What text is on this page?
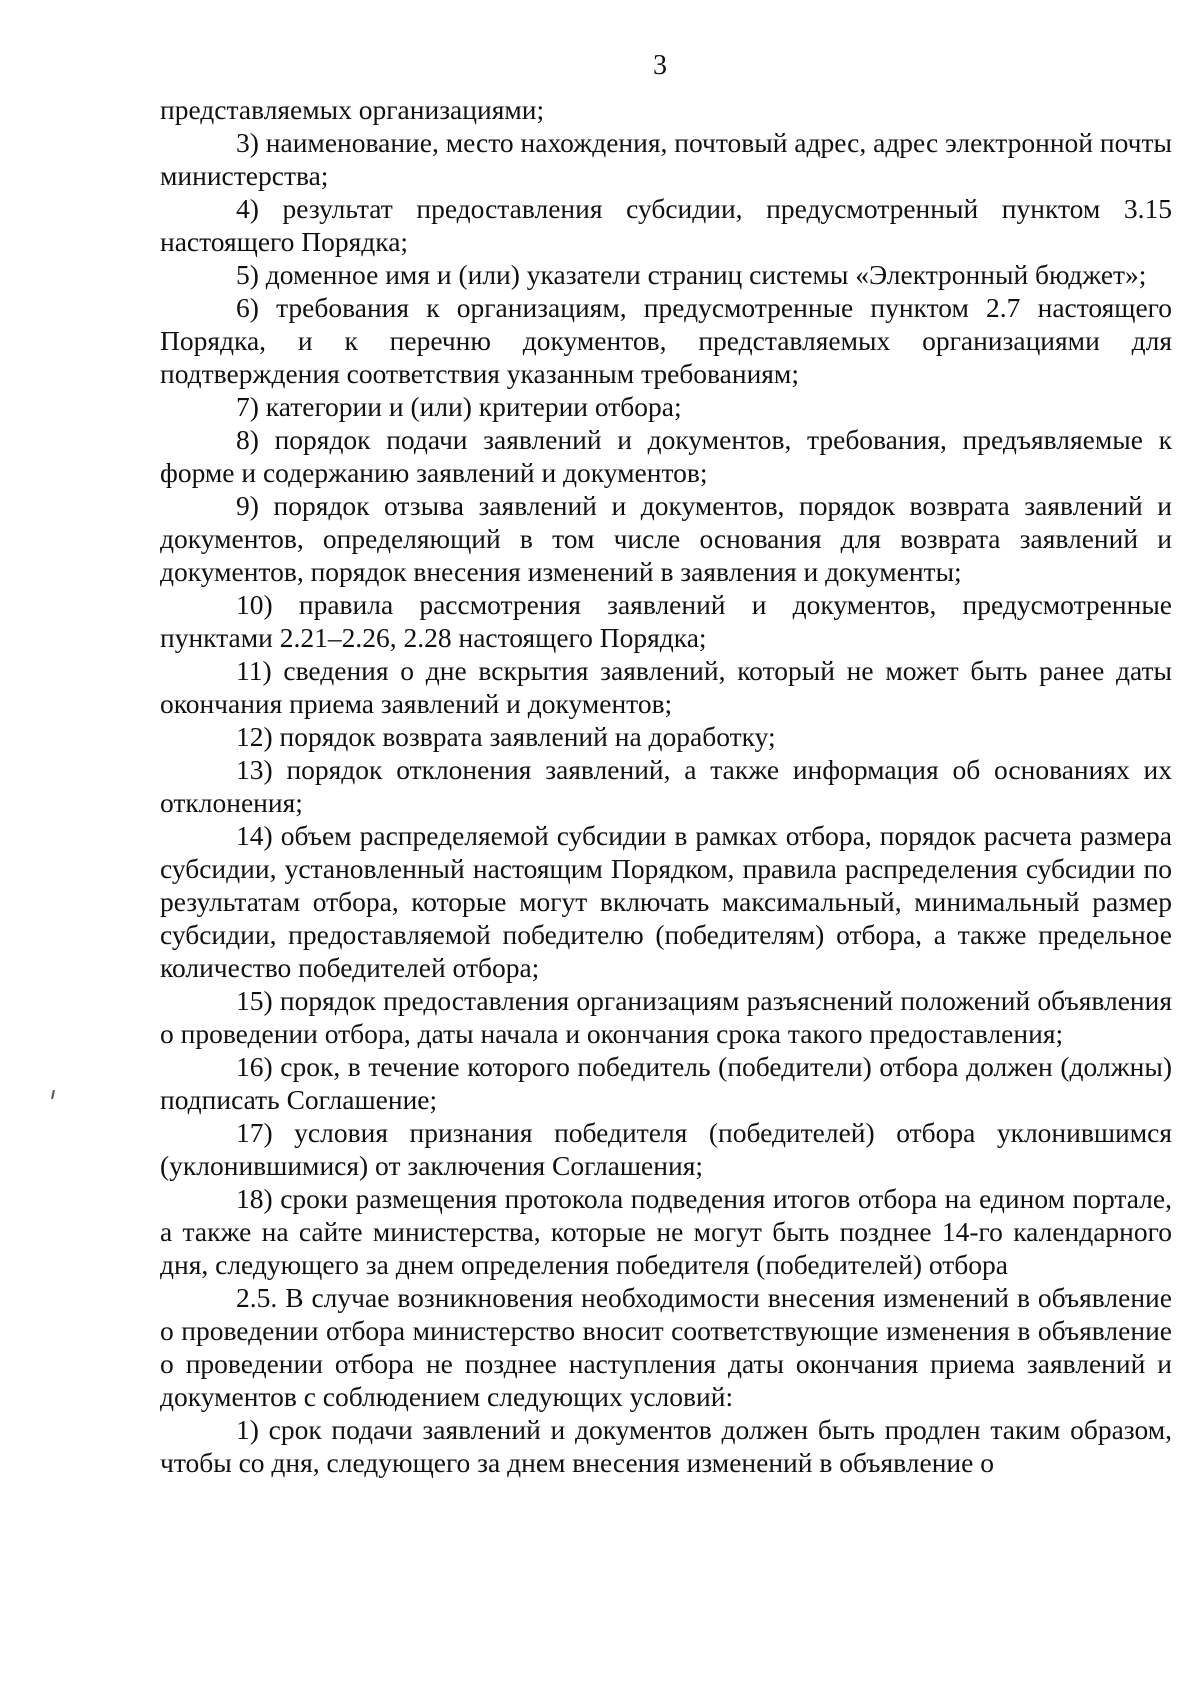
3

представляемых организациями;

3) наименование, место нахождения, почтовый адрес, адрес электронной почты министерства;

4) результат предоставления субсидии, предусмотренный пунктом 3.15 настоящего Порядка;

5) доменное имя и (или) указатели страниц системы «Электронный бюджет»;

6) требования к организациям, предусмотренные пунктом 2.7 настоящего Порядка, и к перечню документов, представляемых организациями для подтверждения соответствия указанным требованиям;

7) категории и (или) критерии отбора;

8) порядок подачи заявлений и документов, требования, предъявляемые к форме и содержанию заявлений и документов;

9) порядок отзыва заявлений и документов, порядок возврата заявлений и документов, определяющий в том числе основания для возврата заявлений и документов, порядок внесения изменений в заявления и документы;

10) правила рассмотрения заявлений и документов, предусмотренные пунктами 2.21–2.26, 2.28 настоящего Порядка;

11) сведения о дне вскрытия заявлений, который не может быть ранее даты окончания приема заявлений и документов;

12) порядок возврата заявлений на доработку;

13) порядок отклонения заявлений, а также информация об основаниях их отклонения;

14) объем распределяемой субсидии в рамках отбора, порядок расчета размера субсидии, установленный настоящим Порядком, правила распределения субсидии по результатам отбора, которые могут включать максимальный, минимальный размер субсидии, предоставляемой победителю (победителям) отбора, а также предельное количество победителей отбора;

15) порядок предоставления организациям разъяснений положений объявления о проведении отбора, даты начала и окончания срока такого предоставления;

16) срок, в течение которого победитель (победители) отбора должен (должны) подписать Соглашение;

17) условия признания победителя (победителей) отбора уклонившимся (уклонившимися) от заключения Соглашения;

18) сроки размещения протокола подведения итогов отбора на едином портале, а также на сайте министерства, которые не могут быть позднее 14-го календарного дня, следующего за днем определения победителя (победителей) отбора

2.5. В случае возникновения необходимости внесения изменений в объявление о проведении отбора министерство вносит соответствующие изменения в объявление о проведении отбора не позднее наступления даты окончания приема заявлений и документов с соблюдением следующих условий:

1) срок подачи заявлений и документов должен быть продлен таким образом, чтобы со дня, следующего за днем внесения изменений в объявление о
